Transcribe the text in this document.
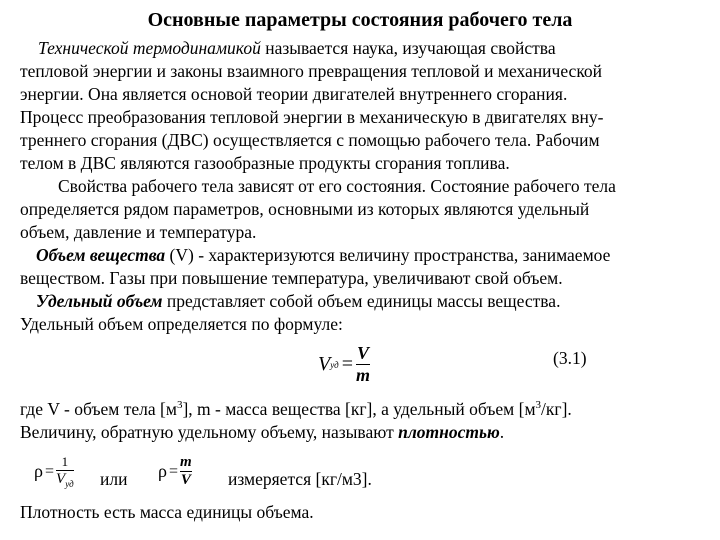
Основные параметры состояния рабочего тела
Технической термодинамикой называется наука, изучающая свойства
тепловой энергии и законы взаимного превращения тепловой и механической
энергии. Она является основой теории двигателей внутреннего сгорания.
Процесс преобразования тепловой энергии в механическую в двигателях вну-
треннего сгорания (ДВС) осуществляется с помощью рабочего тела. Рабочим
телом в ДВС являются газообразные продукты сгорания топлива.
Свойства рабочего тела зависят от его состояния. Состояние рабочего тела
определяется рядом параметров, основными из которых являются удельный
объем, давление и температура.
Объем вещества (V) - характеризуются величину пространства, занимаемое
веществом. Газы при повышение температура, увеличивают свой объем.
Удельный объем представляет собой объем единицы массы вещества.
Удельный объем определяется по формуле:
V уд = $\frac{V}{m}$	(3.1)
где V - объем тела $[м^3]$, m - масса вещества [кг], а удельный объем $[м^3/кг]$.
Величину, обратную удельному объему, называют плотностью.
$\rho = \frac{1}{V_{уд}}$ или $\rho = \frac{m}{V}$ измеряется [кг/м3].
Плотность есть масса единицы объема.
